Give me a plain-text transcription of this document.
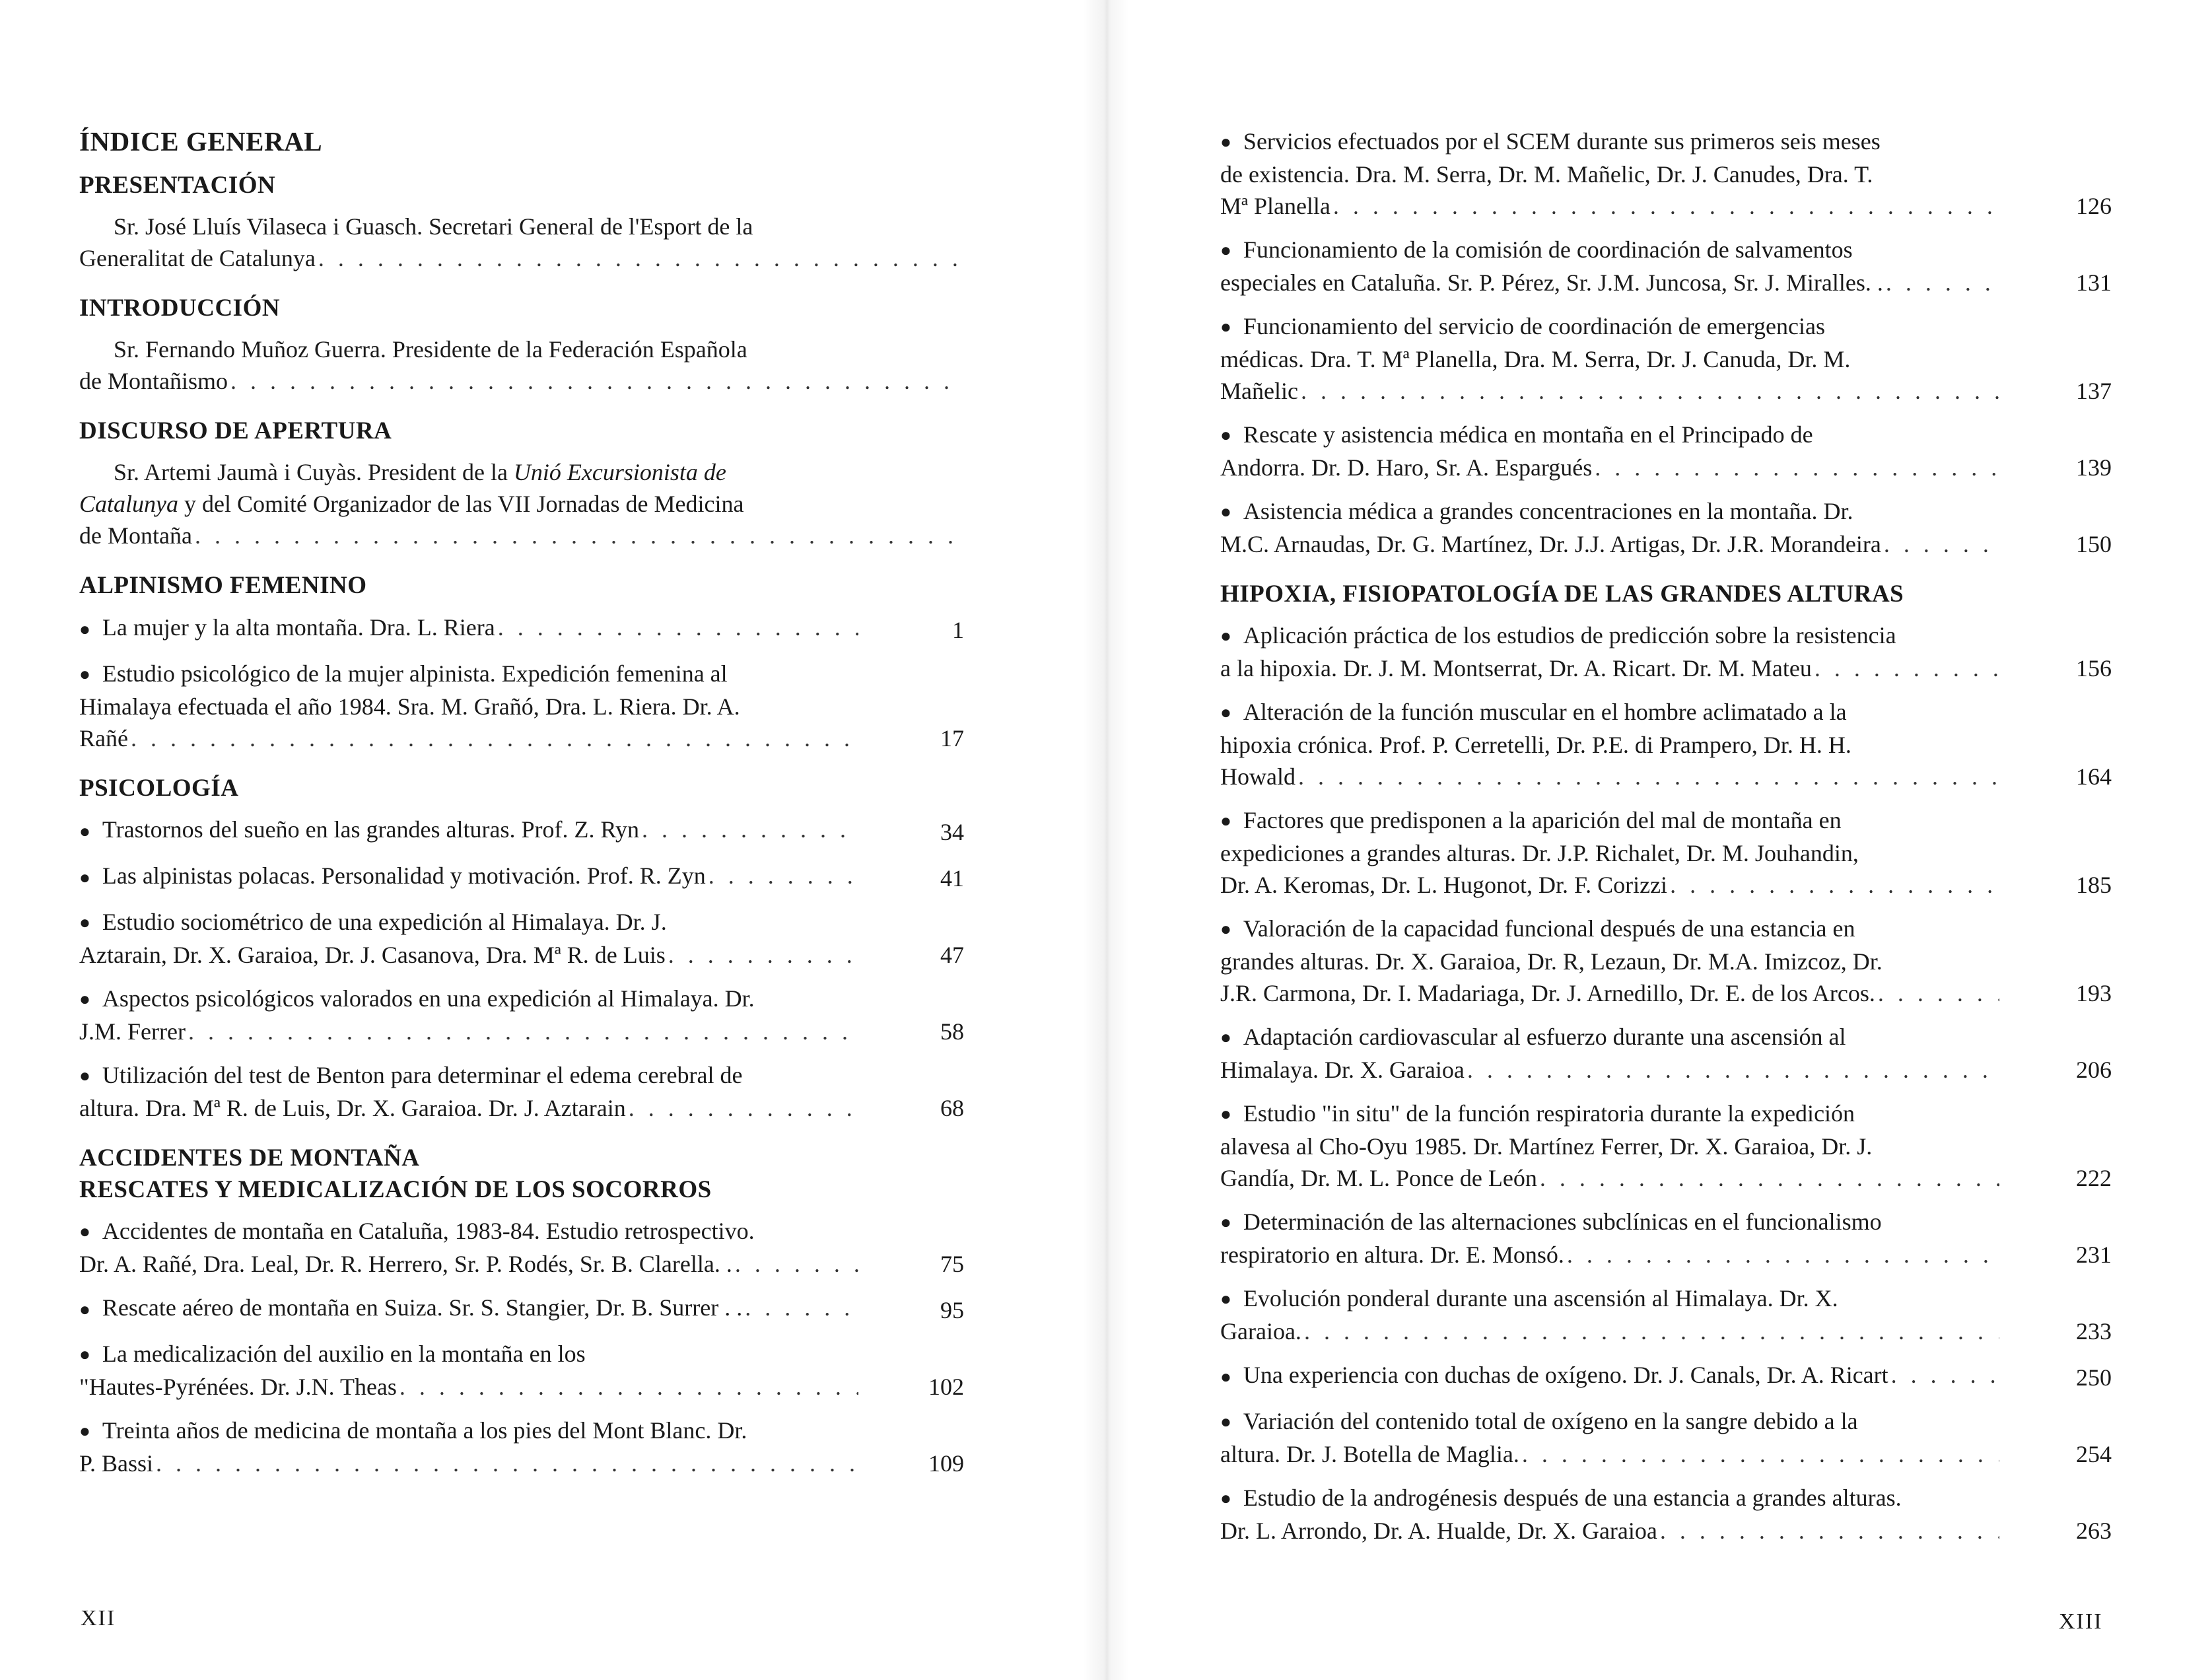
ÍNDICE GENERAL
PRESENTACIÓN
Sr. José Lluís Vilaseca i Guasch. Secretari General de l'Esport de la
Generalitat de Catalunya
. . .
INTRODUCCIÓN
Sr. Fernando Muñoz Guerra. Presidente de la Federación Española
de Montañismo
. . .
DISCURSO DE APERTURA
Sr. Artemi Jaumà i Cuyàs. President de la Unió Excursionista de
Catalunya y del Comité Organizador de las VII Jornadas de Medicina
de Montaña
. . .
ALPINISMO FEMENINO
● La mujer y la alta montaña. Dra. L. Riera . . .	1
● Estudio psicológico de la mujer alpinista. Expedición femenina al
Himalaya efectuada el año 1984. Sra. M. Grañó, Dra. L. Riera. Dr. A.
Rañé . . .	17
PSICOLOGÍA
● Trastornos del sueño en las grandes alturas. Prof. Z. Ryn . . .	34
● Las alpinistas polacas. Personalidad y motivación. Prof. R. Zyn . . .	41
● Estudio sociométrico de una expedición al Himalaya. Dr. J.
Aztarain, Dr. X. Garaioa, Dr. J. Casanova, Dra. Mª R. de Luis . . .	47
● Aspectos psicológicos valorados en una expedición al Himalaya. Dr.
J.M. Ferrer . . .	58
● Utilización del test de Benton para determinar el edema cerebral de
altura. Dra. Mª R. de Luis, Dr. X. Garaioa. Dr. J. Aztarain . . .	68
ACCIDENTES DE MONTAÑA
RESCATES Y MEDICALIZACIÓN DE LOS SOCORROS
● Accidentes de montaña en Cataluña, 1983-84. Estudio retrospectivo.
Dr. A. Rañé, Dra. Leal, Dr. R. Herrero, Sr. P. Rodés, Sr. B. Clarella. . . . .	75
● Rescate aéreo de montaña en Suiza. Sr. S. Stangier, Dr. B. Surrer . . . . .	95
● La medicalización del auxilio en la montaña en los
"Hautes-Pyrénées. Dr. J.N. Theas . . .	102
● Treinta años de medicina de montaña a los pies del Mont Blanc. Dr.
P. Bassi . . .	109
XII
● Servicios efectuados por el SCEM durante sus primeros seis meses
de existencia. Dra. M. Serra, Dr. M. Mañelic, Dr. J. Canudes, Dra. T.
Mª Planella . . .	126
● Funcionamiento de la comisión de coordinación de salvamentos
especiales en Cataluña. Sr. P. Pérez, Sr. J.M. Juncosa, Sr. J. Miralles. . . . .	131
● Funcionamiento del servicio de coordinación de emergencias
médicas. Dra. T. Mª Planella, Dra. M. Serra, Dr. J. Canuda, Dr. M.
Mañelic . . .	137
● Rescate y asistencia médica en montaña en el Principado de
Andorra. Dr. D. Haro, Sr. A. Espargués . . .	139
● Asistencia médica a grandes concentraciones en la montaña. Dr.
M.C. Arnaudas, Dr. G. Martínez, Dr. J.J. Artigas, Dr. J.R. Morandeira . . .	150
HIPOXIA, FISIOPATOLOGÍA DE LAS GRANDES ALTURAS
● Aplicación práctica de los estudios de predicción sobre la resistencia
a la hipoxia. Dr. J. M. Montserrat, Dr. A. Ricart. Dr. M. Mateu . . .	156
● Alteración de la función muscular en el hombre aclimatado a la
hipoxia crónica. Prof. P. Cerretelli, Dr. P.E. di Prampero, Dr. H. H.
Howald . . .	164
● Factores que predisponen a la aparición del mal de montaña en
expediciones a grandes alturas. Dr. J.P. Richalet, Dr. M. Jouhandin,
Dr. A. Keromas, Dr. L. Hugonot, Dr. F. Corizzi . . .	185
● Valoración de la capacidad funcional después de una estancia en
grandes alturas. Dr. X. Garaioa, Dr. R, Lezaun, Dr. M.A. Imizcoz, Dr.
J.R. Carmona, Dr. I. Madariaga, Dr. J. Arnedillo, Dr. E. de los Arcos. . . .	193
● Adaptación cardiovascular al esfuerzo durante una ascensión al
Himalaya. Dr. X. Garaioa . . .	206
● Estudio "in situ" de la función respiratoria durante la expedición
alavesa al Cho-Oyu 1985. Dr. Martínez Ferrer, Dr. X. Garaioa, Dr. J.
Gandía, Dr. M. L. Ponce de León . . .	222
● Determinación de las alternaciones subclínicas en el funcionalismo
respiratorio en altura. Dr. E. Monsó. . . .	231
● Evolución ponderal durante una ascensión al Himalaya. Dr. X.
Garaioa. . . .	233
● Una experiencia con duchas de oxígeno. Dr. J. Canals, Dr. A. Ricart . . .	250
● Variación del contenido total de oxígeno en la sangre debido a la
altura. Dr. J. Botella de Maglia. . . .	254
● Estudio de la androgénesis después de una estancia a grandes alturas.
Dr. L. Arrondo, Dr. A. Hualde, Dr. X. Garaioa . . .	263
XIII
